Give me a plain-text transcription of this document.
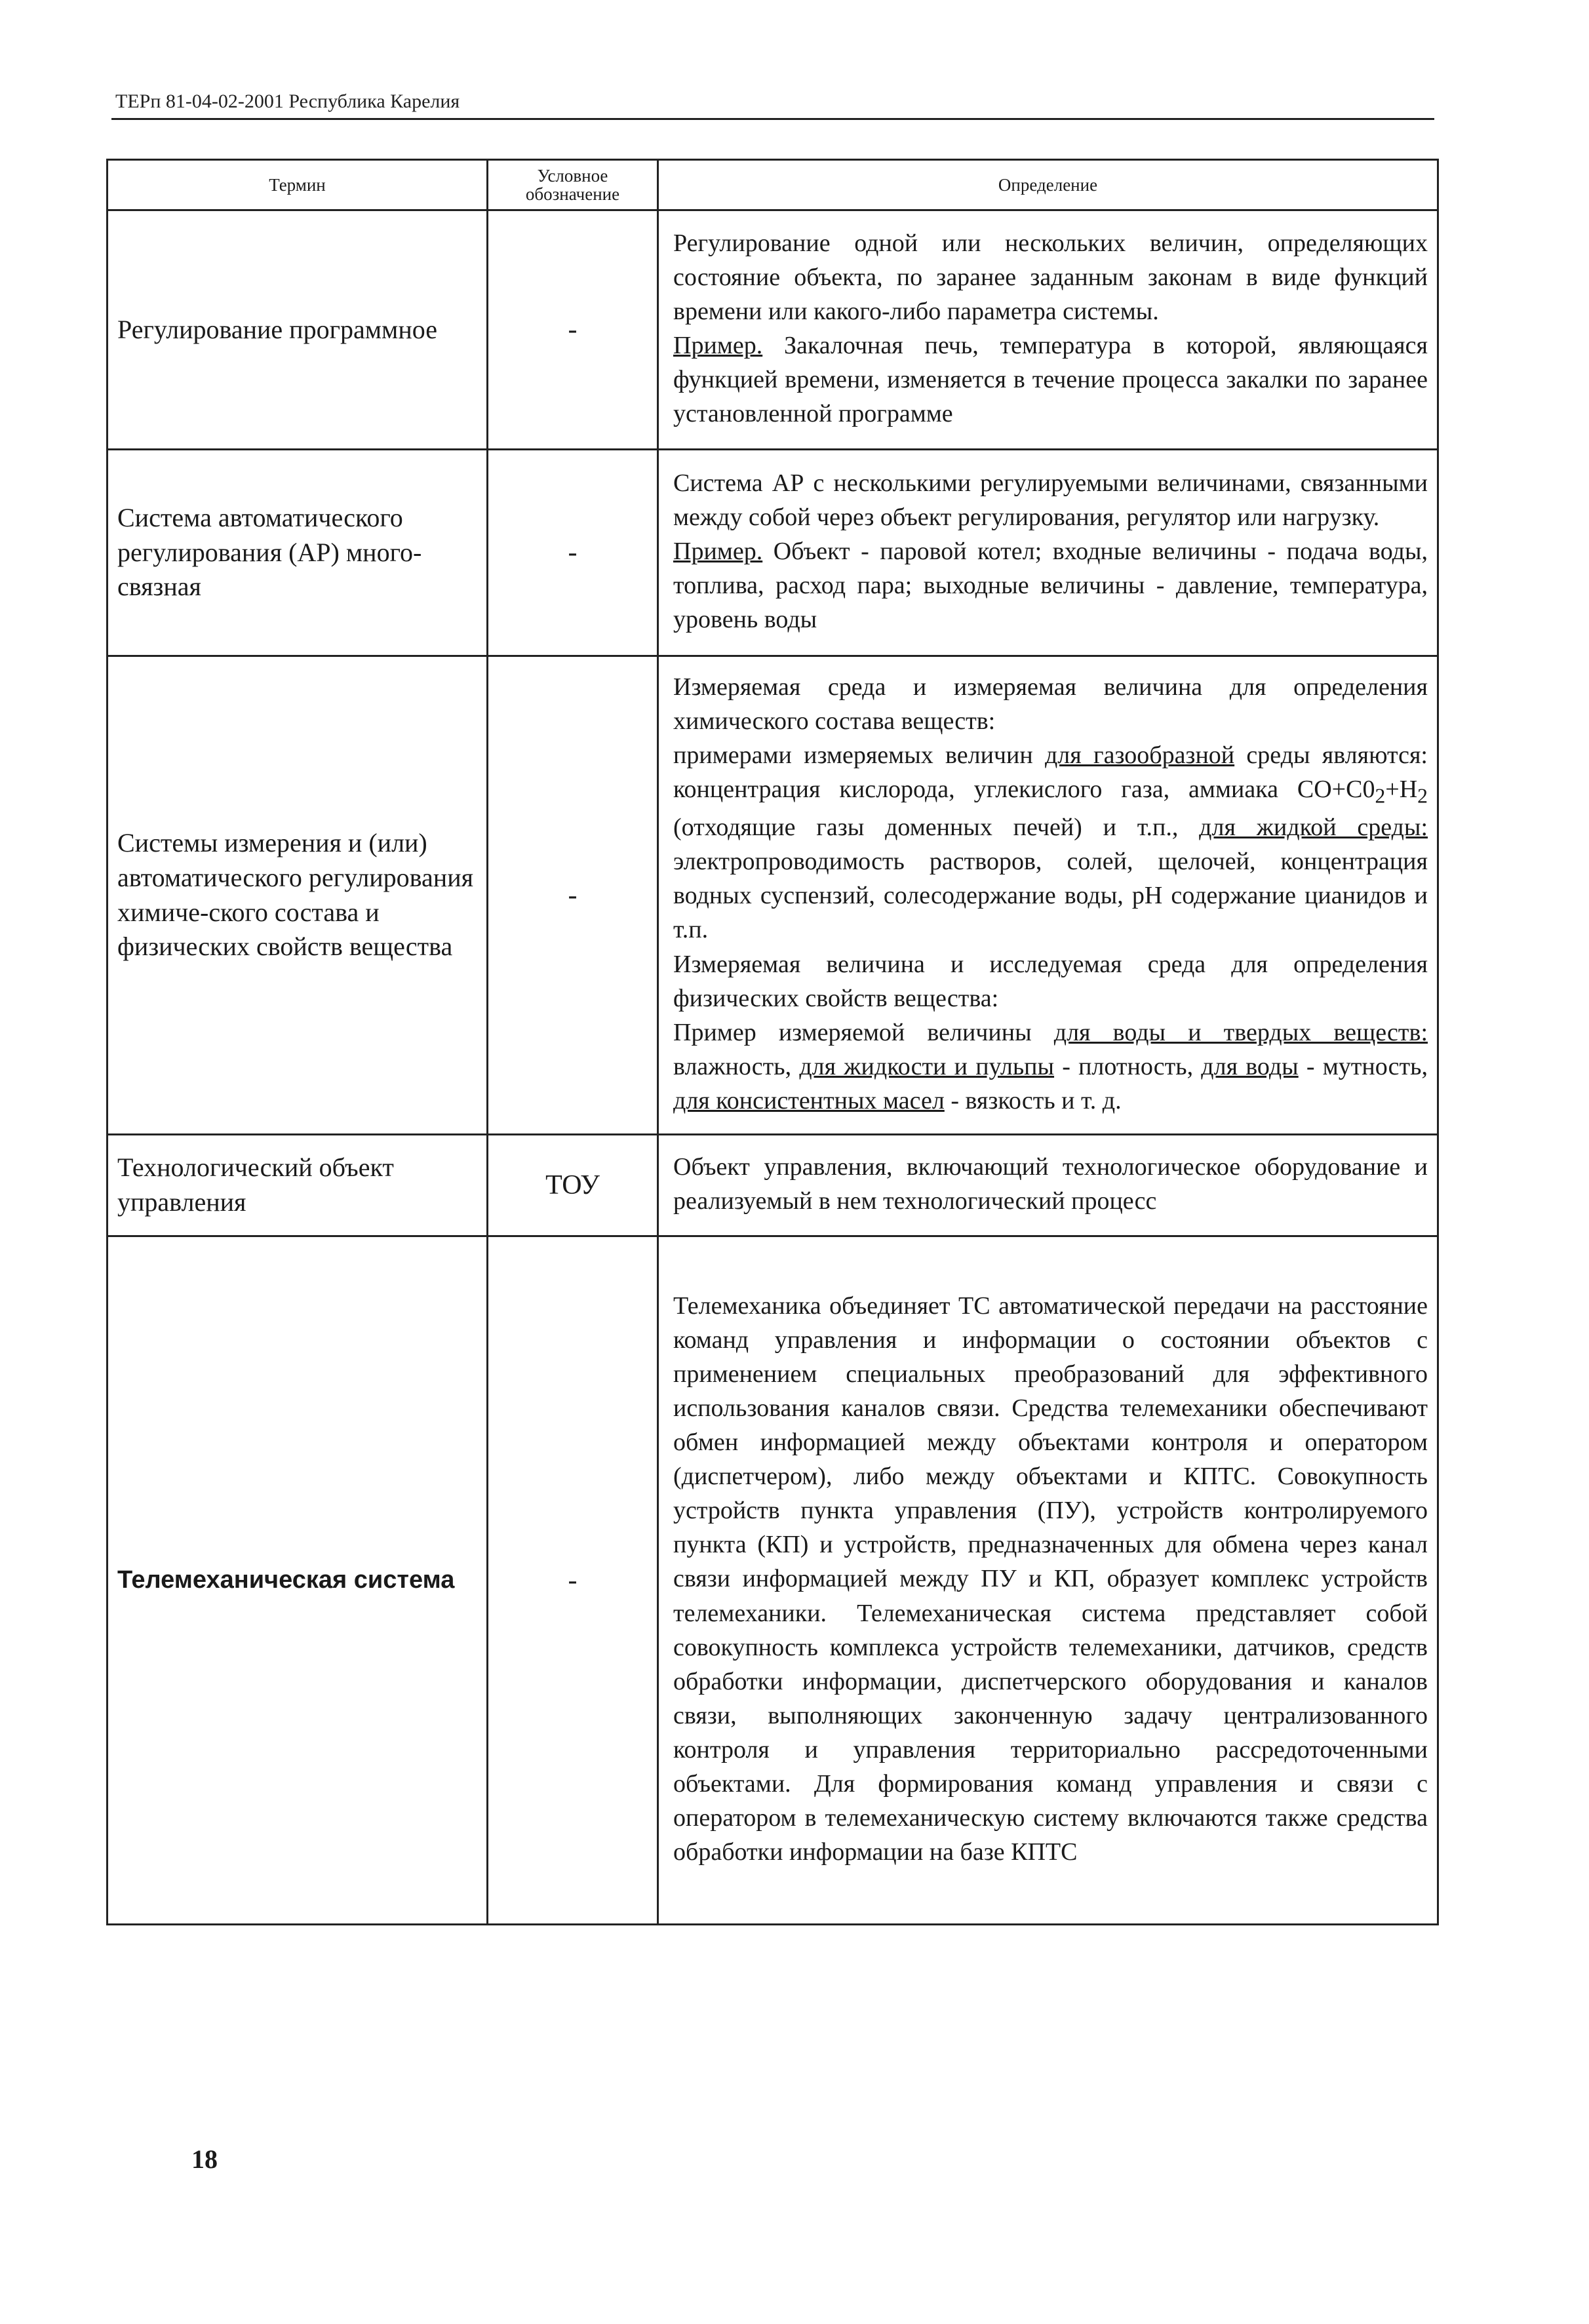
ТЕРп 81-04-02-2001 Республика Карелия
Термин	Условное обозначение	Определение
Регулирование программное	-	Регулирование одной или нескольких величин, определяющих состояние объекта, по заранее заданным законам в виде функций времени или какого-либо параметра системы.

Пример. Закалочная печь, температура в которой, являющаяся функцией времени, изменяется в течение процесса закалки по заранее установленной программе

Система автоматического регулирования (АР) много-связная	-	Система АР с несколькими регулируемыми величинами, связанными между собой через объект регулирования, регулятор или нагрузку.

Пример. Объект - паровой котел; входные величины - подача воды, топлива, расход пара; выходные величины - давление, температура, уровень воды

Системы измерения и (или) автоматического регулирования химиче-ского состава и физических свойств вещества	-	Измеряемая среда и измеряемая величина для определения химического состава веществ:

примерами измеряемых величин для газообразной среды являются: концентрация кислорода, углекислого газа, аммиака $CO+C0_2+H_2$ (отходящие газы доменных печей) и т.п., для жидкой среды: электропроводимость растворов, солей, щелочей, концентрация водных суспензий, солесодержание воды, pH содержание цианидов и т.п.

Измеряемая величина и исследуемая среда для определения физических свойств вещества:

Пример измеряемой величины для воды и твердых веществ: влажность, для жидкости и пульпы - плотность, для воды - мутность, для консистентных масел - вязкость и т. д.

Технологический объект управления	ТОУ	Объект управления, включающий технологическое оборудование и реализуемый в нем технологический процесс

Телемеханическая система	-	Телемеханика объединяет ТС автоматической передачи на расстояние команд управления и информации о состоянии объектов с применением специальных преобразований для эффективного использования каналов связи. Средства телемеханики обеспечивают обмен информацией между объектами контроля и оператором (диспетчером), либо между объектами и КПТС. Совокупность устройств пункта управления (ПУ), устройств контролируемого пункта (КП) и устройств, предназначенных для обмена через канал связи информацией между ПУ и КП, образует комплекс устройств телемеханики. Телемеханическая система представляет собой совокупность комплекса устройств телемеханики, датчиков, средств обработки информации, диспетчерского оборудования и каналов связи, выполняющих законченную задачу централизованного контроля и управления территориально рассредоточенными объектами. Для формирования команд управления и связи с оператором в телемеханическую систему включаются также средства обработки информации на базе КПТС

18
